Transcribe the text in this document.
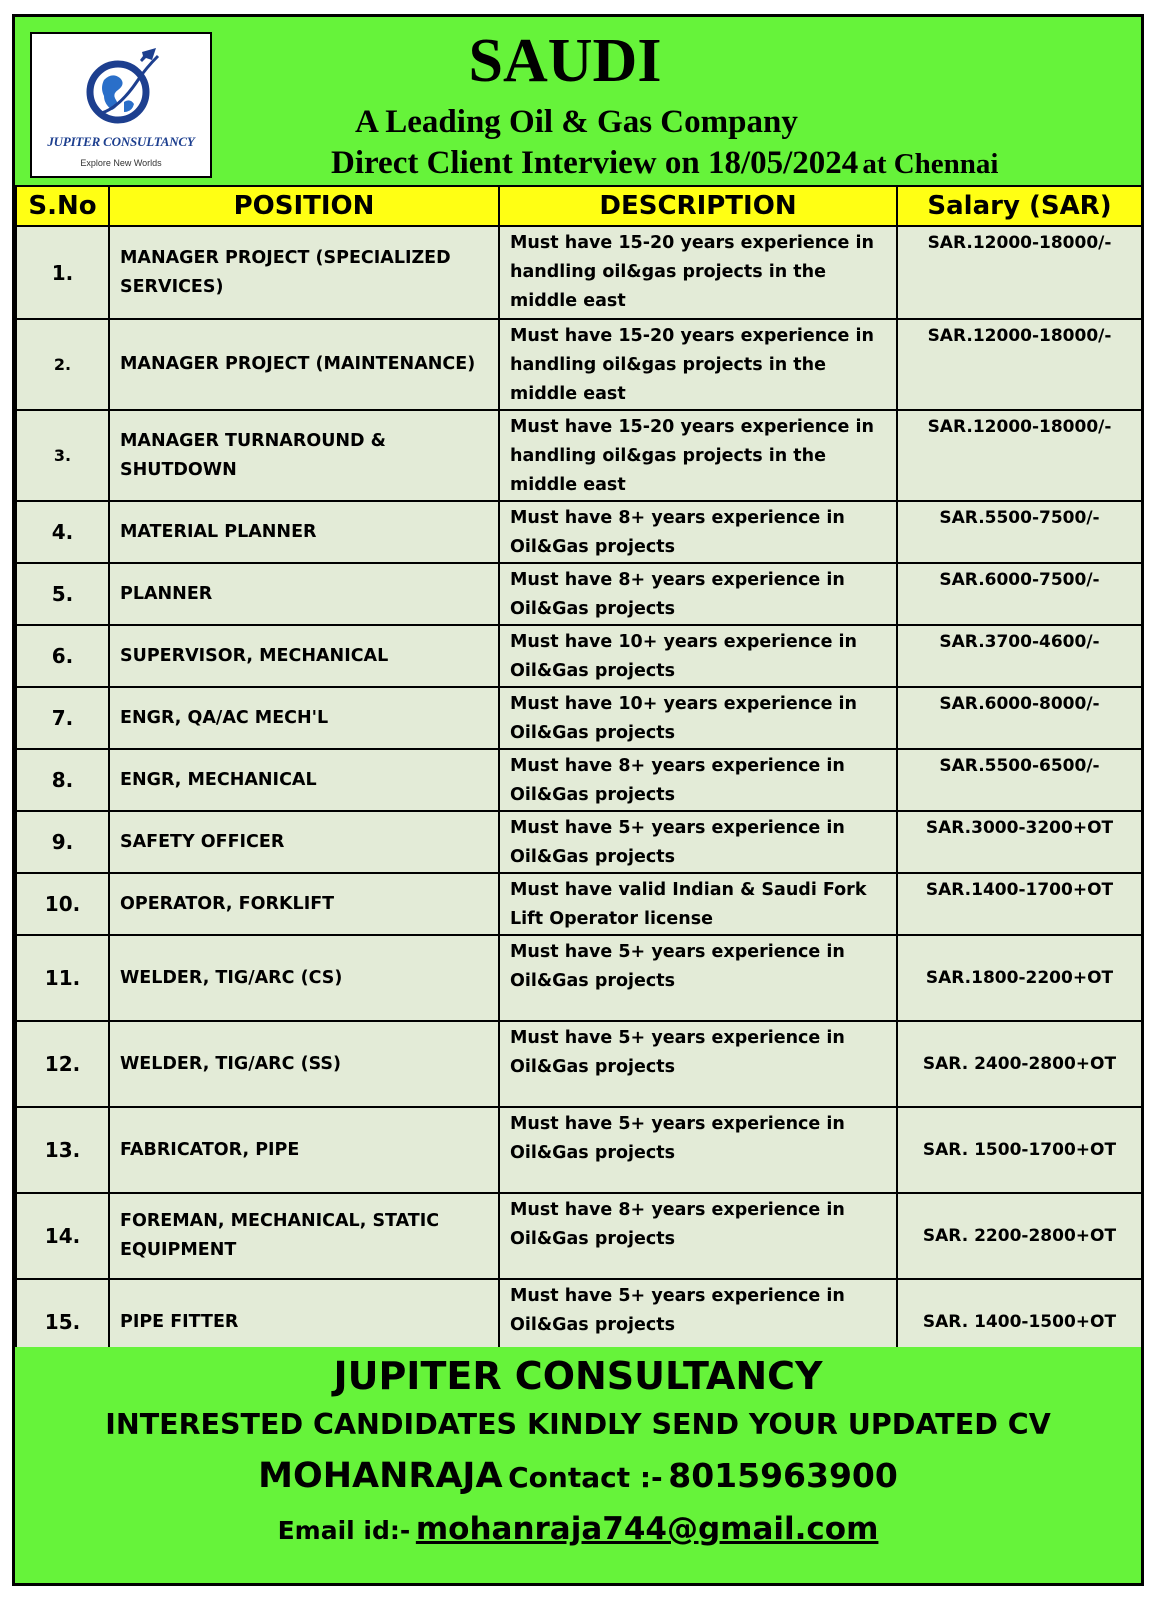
JUPITER CONSULTANCY
Explore New Worlds
SAUDI
A Leading Oil & Gas Company
Direct Client Interview on 18/05/2024 at Chennai
S.No	POSITION	DESCRIPTION	Salary (SAR)
1.	MANAGER PROJECT (SPECIALIZED SERVICES)	Must have 15-20 years experience in handling oil&gas projects in the middle east	SAR.12000-18000/-
2.	MANAGER PROJECT (MAINTENANCE)	Must have 15-20 years experience in handling oil&gas projects in the middle east	SAR.12000-18000/-
3.	MANAGER TURNAROUND & SHUTDOWN	Must have 15-20 years experience in handling oil&gas projects in the middle east	SAR.12000-18000/-
4.	MATERIAL PLANNER	Must have 8+ years experience in Oil&Gas projects	SAR.5500-7500/-
5.	PLANNER	Must have 8+ years experience in Oil&Gas projects	SAR.6000-7500/-
6.	SUPERVISOR, MECHANICAL	Must have 10+ years experience in Oil&Gas projects	SAR.3700-4600/-
7.	ENGR, QA/AC MECH'L	Must have 10+ years experience in Oil&Gas projects	SAR.6000-8000/-
8.	ENGR, MECHANICAL	Must have 8+ years experience in Oil&Gas projects	SAR.5500-6500/-
9.	SAFETY OFFICER	Must have 5+ years experience in Oil&Gas projects	SAR.3000-3200+OT
10.	OPERATOR, FORKLIFT	Must have valid Indian & Saudi Fork Lift Operator license	SAR.1400-1700+OT
11.	WELDER, TIG/ARC (CS)	Must have 5+ years experience in Oil&Gas projects	SAR.1800-2200+OT
12.	WELDER, TIG/ARC (SS)	Must have 5+ years experience in Oil&Gas projects	SAR. 2400-2800+OT
13.	FABRICATOR, PIPE	Must have 5+ years experience in Oil&Gas projects	SAR. 1500-1700+OT
14.	FOREMAN, MECHANICAL, STATIC EQUIPMENT	Must have 8+ years experience in Oil&Gas projects	SAR. 2200-2800+OT
15.	PIPE FITTER	Must have 5+ years experience in Oil&Gas projects	SAR. 1400-1500+OT
JUPITER CONSULTANCY
INTERESTED CANDIDATES KINDLY SEND YOUR UPDATED CV
MOHANRAJA Contact :- 8015963900
Email id:- mohanraja744@gmail.com
